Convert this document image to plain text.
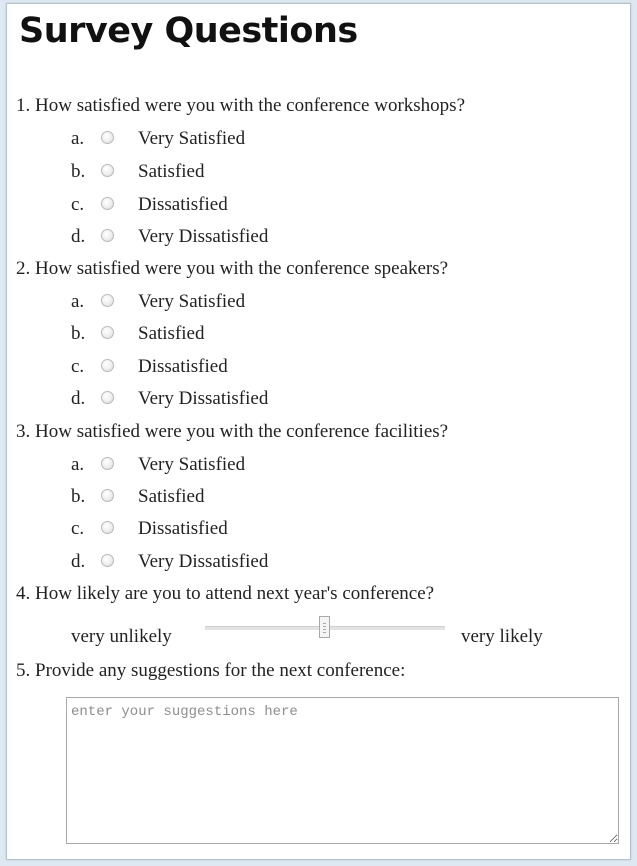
Survey Questions
1. How satisfied were you with the conference workshops?
a.	Very Satisfied
b.	Satisfied
c.	Dissatisfied
d.	Very Dissatisfied
2. How satisfied were you with the conference speakers?
a.	Very Satisfied
b.	Satisfied
c.	Dissatisfied
d.	Very Dissatisfied
3. How satisfied were you with the conference facilities?
a.	Very Satisfied
b.	Satisfied
c.	Dissatisfied
d.	Very Dissatisfied
4. How likely are you to attend next year's conference?
very unlikely	very likely
5. Provide any suggestions for the next conference:
enter your suggestions here
